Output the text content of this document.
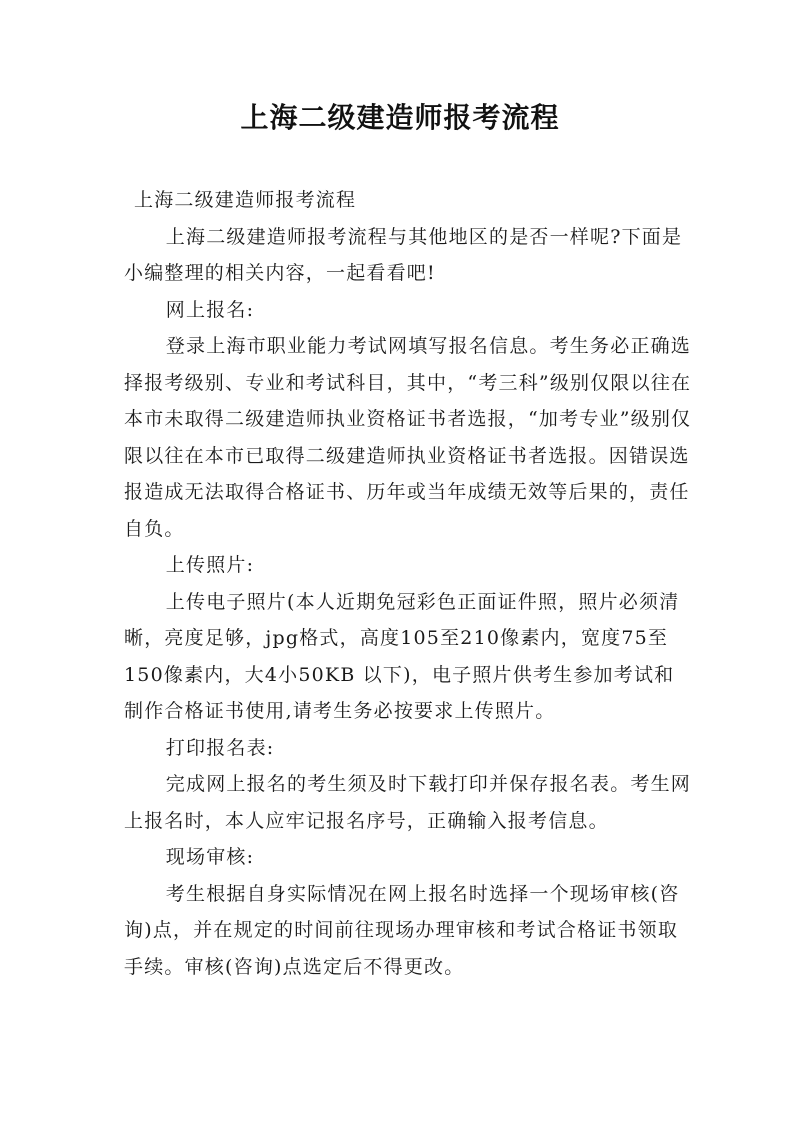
上海二级建造师报考流程

上海二级建造师报考流程

上海二级建造师报考流程与其他地区的是否一样呢?下面是小编整理的相关内容，一起看看吧!

网上报名:

登录上海市职业能力考试网填写报名信息。考生务必正确选择报考级别、专业和考试科目，其中，“考三科”级别仅限以往在本市未取得二级建造师执业资格证书者选报，“加考专业”级别仅限以往在本市已取得二级建造师执业资格证书者选报。因错误选报造成无法取得合格证书、历年或当年成绩无效等后果的，责任自负。

上传照片:

上传电子照片(本人近期免冠彩色正面证件照，照片必须清晰，亮度足够，jpg格式，高度105至210像素内，宽度75至150像素内，大4小50KB 以下)，电子照片供考生参加考试和制作合格证书使用,请考生务必按要求上传照片。

打印报名表:

完成网上报名的考生须及时下载打印并保存报名表。考生网上报名时，本人应牢记报名序号，正确输入报考信息。

现场审核:

考生根据自身实际情况在网上报名时选择一个现场审核(咨询)点，并在规定的时间前往现场办理审核和考试合格证书领取手续。审核(咨询)点选定后不得更改。
